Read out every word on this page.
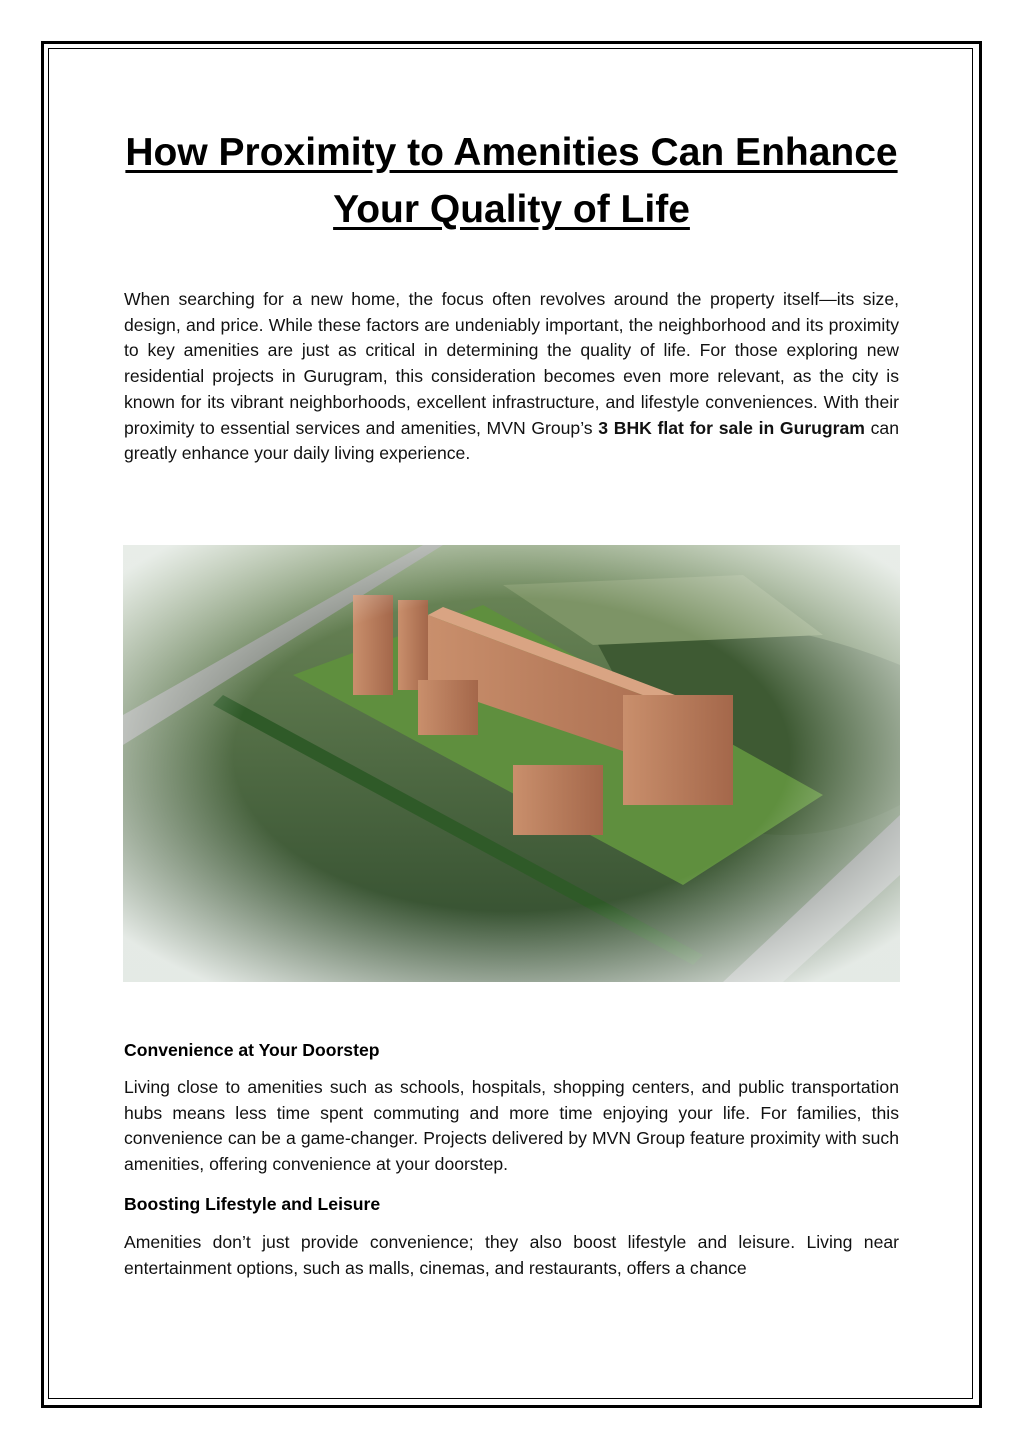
How Proximity to Amenities Can Enhance Your Quality of Life

When searching for a new home, the focus often revolves around the property itself—its size, design, and price. While these factors are undeniably important, the neighborhood and its proximity to key amenities are just as critical in determining the quality of life. For those exploring new residential projects in Gurugram, this consideration becomes even more relevant, as the city is known for its vibrant neighborhoods, excellent infrastructure, and lifestyle conveniences. With their proximity to essential services and amenities, MVN Group’s 3 BHK flat for sale in Gurugram can greatly enhance your daily living experience.

Convenience at Your Doorstep

Living close to amenities such as schools, hospitals, shopping centers, and public transportation hubs means less time spent commuting and more time enjoying your life. For families, this convenience can be a game-changer. Projects delivered by MVN Group feature proximity with such amenities, offering convenience at your doorstep.

Boosting Lifestyle and Leisure

Amenities don’t just provide convenience; they also boost lifestyle and leisure. Living near entertainment options, such as malls, cinemas, and restaurants, offers a chance
